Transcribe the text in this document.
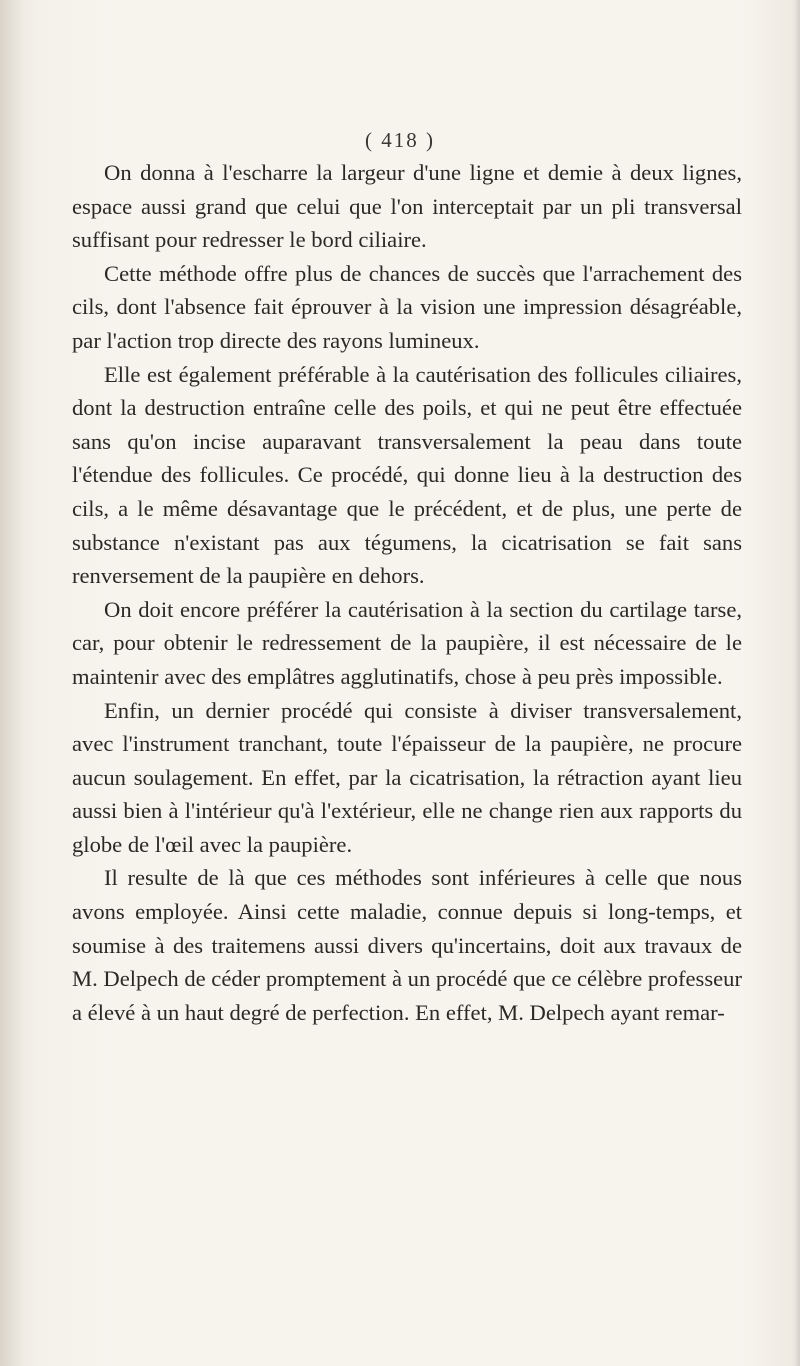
( 418 )

On donna à l'escharre la largeur d'une ligne et demie à deux lignes, espace aussi grand que celui que l'on interceptait par un pli transversal suffisant pour redresser le bord ciliaire.

Cette méthode offre plus de chances de succès que l'arrachement des cils, dont l'absence fait éprouver à la vision une impression désagréable, par l'action trop directe des rayons lumineux.

Elle est également préférable à la cautérisation des follicules ciliaires, dont la destruction entraîne celle des poils, et qui ne peut être effectuée sans qu'on incise auparavant transversalement la peau dans toute l'étendue des follicules. Ce procédé, qui donne lieu à la destruction des cils, a le même désavantage que le précédent, et de plus, une perte de substance n'existant pas aux tégumens, la cicatrisation se fait sans renversement de la paupière en dehors.

On doit encore préférer la cautérisation à la section du cartilage tarse, car, pour obtenir le redressement de la paupière, il est nécessaire de le maintenir avec des emplâtres agglutinatifs, chose à peu près impossible.

Enfin, un dernier procédé qui consiste à diviser transversalement, avec l'instrument tranchant, toute l'épaisseur de la paupière, ne procure aucun soulagement. En effet, par la cicatrisation, la rétraction ayant lieu aussi bien à l'intérieur qu'à l'extérieur, elle ne change rien aux rapports du globe de l'œil avec la paupière.

Il resulte de là que ces méthodes sont inférieures à celle que nous avons employée. Ainsi cette maladie, connue depuis si long-temps, et soumise à des traitemens aussi divers qu'incertains, doit aux travaux de M. Delpech de céder promptement à un procédé que ce célèbre professeur a élevé à un haut degré de perfection. En effet, M. Delpech ayant remar-
